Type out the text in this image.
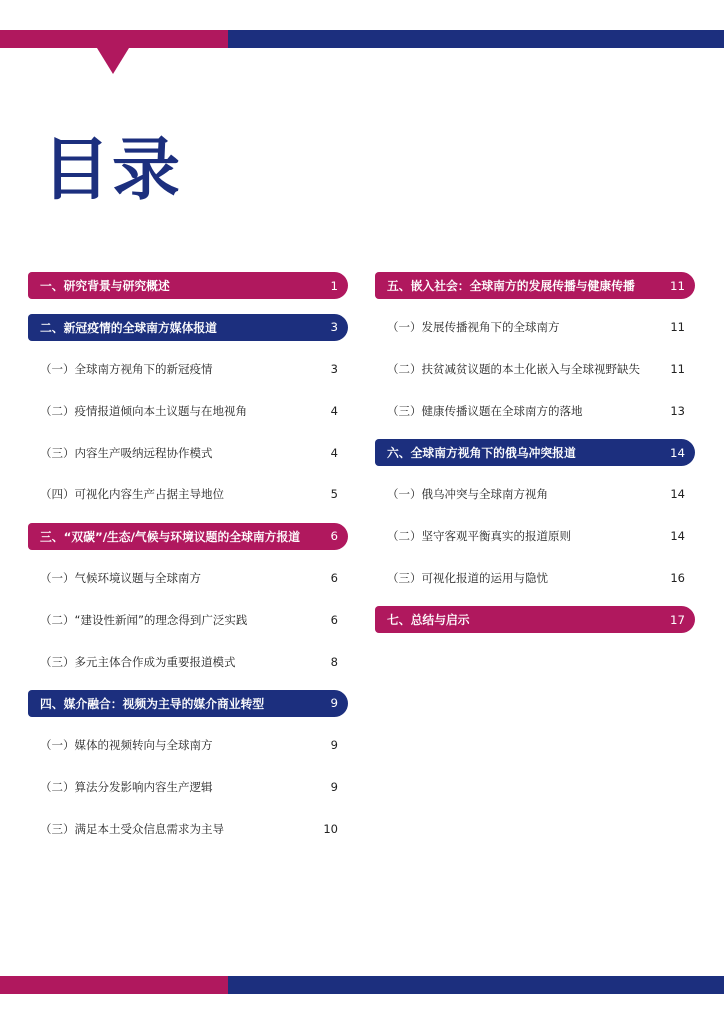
目录
一、研究背景与研究概述	1
二、新冠疫情的全球南方媒体报道	3
（一）全球南方视角下的新冠疫情	3
（二）疫情报道倾向本土议题与在地视角	4
（三）内容生产吸纳远程协作模式	4
（四）可视化内容生产占据主导地位	5
三、“双碳”/生态/气候与环境议题的全球南方报道	6
（一）气候环境议题与全球南方	6
（二）“建设性新闻”的理念得到广泛实践	6
（三）多元主体合作成为重要报道模式	8
四、媒介融合：视频为主导的媒介商业转型	9
（一）媒体的视频转向与全球南方	9
（二）算法分发影响内容生产逻辑	9
（三）满足本土受众信息需求为主导	10
五、嵌入社会：全球南方的发展传播与健康传播	11
（一）发展传播视角下的全球南方	11
（二）扶贫减贫议题的本土化嵌入与全球视野缺失	11
（三）健康传播议题在全球南方的落地	13
六、全球南方视角下的俄乌冲突报道	14
（一）俄乌冲突与全球南方视角	14
（二）坚守客观平衡真实的报道原则	14
（三）可视化报道的运用与隐忧	16
七、总结与启示	17
